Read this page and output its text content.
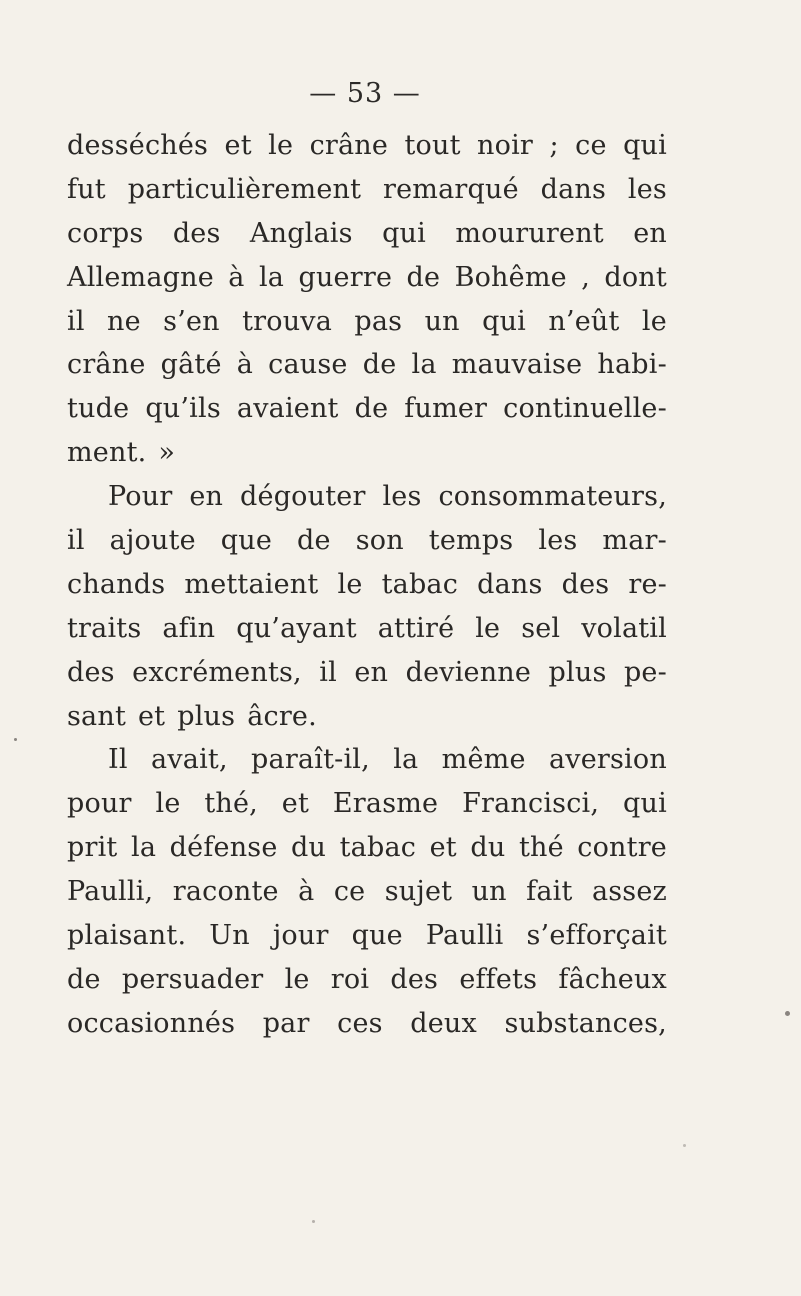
— 53 —
desséchés et le crâne tout noir ; ce qui
fut particulièrement remarqué dans les
corps des Anglais qui moururent en
Allemagne à la guerre de Bohême , dont
il ne s’en trouva pas un qui n’eût le
crâne gâté à cause de la mauvaise habi-
tude qu’ils avaient de fumer continuelle-
ment. »
Pour en dégouter les consommateurs,
il ajoute que de son temps les mar-
chands mettaient le tabac dans des re-
traits afin qu’ayant attiré le sel volatil
des excréments, il en devienne plus pe-
sant et plus âcre.
Il avait, paraît-il, la même aversion
pour le thé, et Erasme Francisci, qui
prit la défense du tabac et du thé contre
Paulli, raconte à ce sujet un fait assez
plaisant. Un jour que Paulli s’efforçait
de persuader le roi des effets fâcheux
occasionnés par ces deux substances,
